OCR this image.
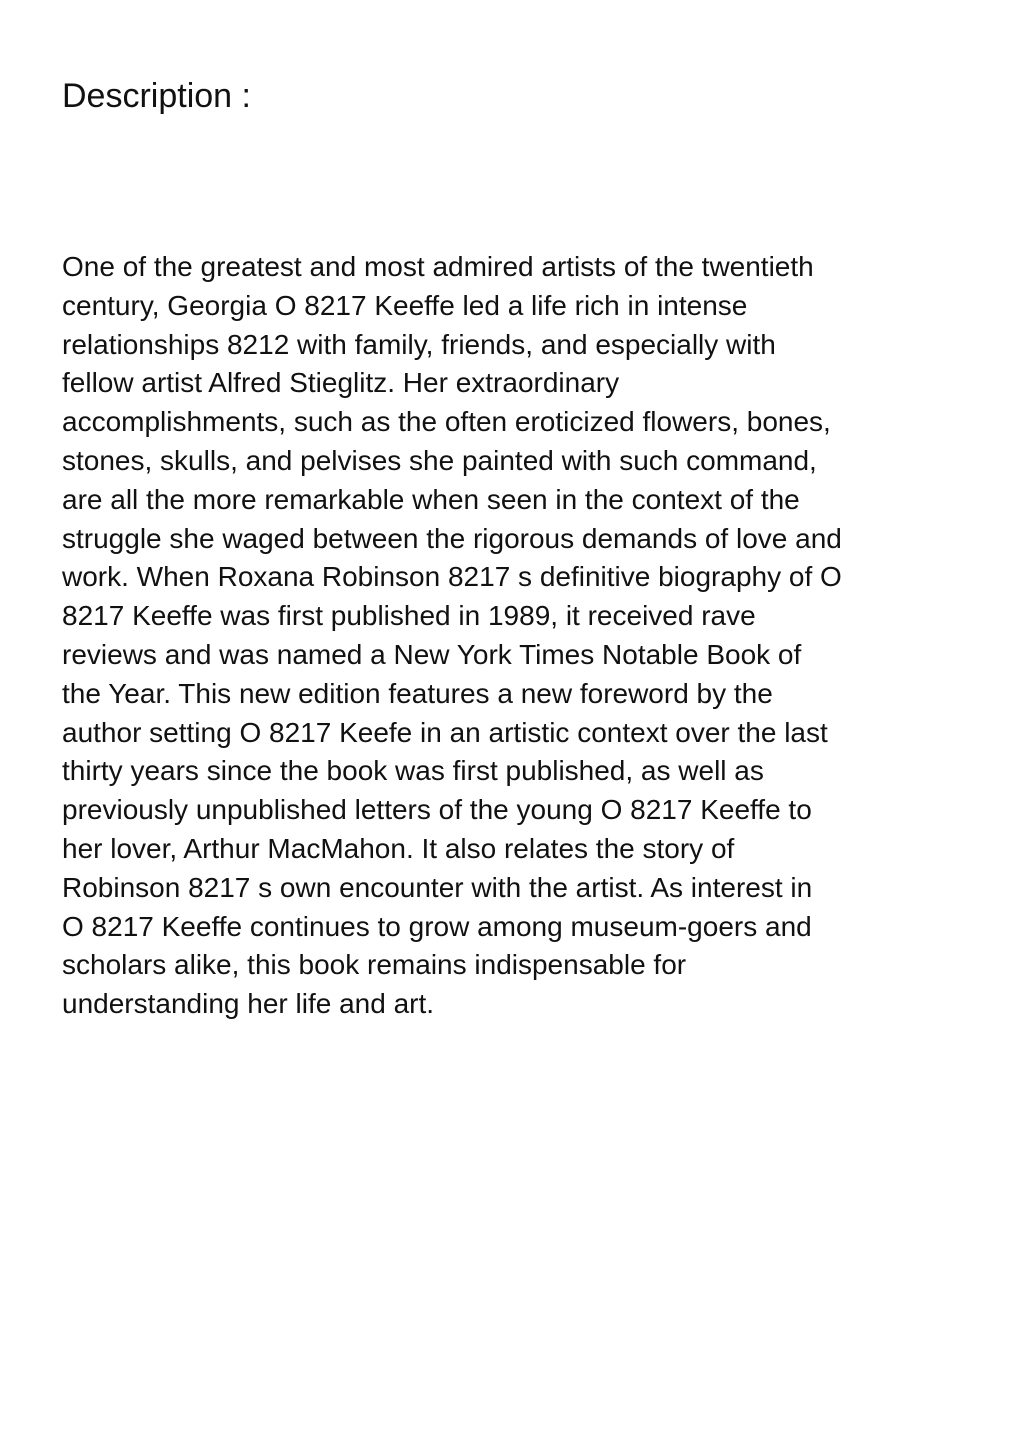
Description :
One of the greatest and most admired artists of the twentieth
century, Georgia O 8217 Keeffe led a life rich in intense
relationships 8212 with family, friends, and especially with
fellow artist Alfred Stieglitz. Her extraordinary
accomplishments, such as the often eroticized flowers, bones,
stones, skulls, and pelvises she painted with such command,
are all the more remarkable when seen in the context of the
struggle she waged between the rigorous demands of love and
work. When Roxana Robinson 8217 s definitive biography of O
8217 Keeffe was first published in 1989, it received rave
reviews and was named a New York Times Notable Book of
the Year. This new edition features a new foreword by the
author setting O 8217 Keefe in an artistic context over the last
thirty years since the book was first published, as well as
previously unpublished letters of the young O 8217 Keeffe to
her lover, Arthur MacMahon. It also relates the story of
Robinson 8217 s own encounter with the artist. As interest in
O 8217 Keeffe continues to grow among museum-goers and
scholars alike, this book remains indispensable for
understanding her life and art.
